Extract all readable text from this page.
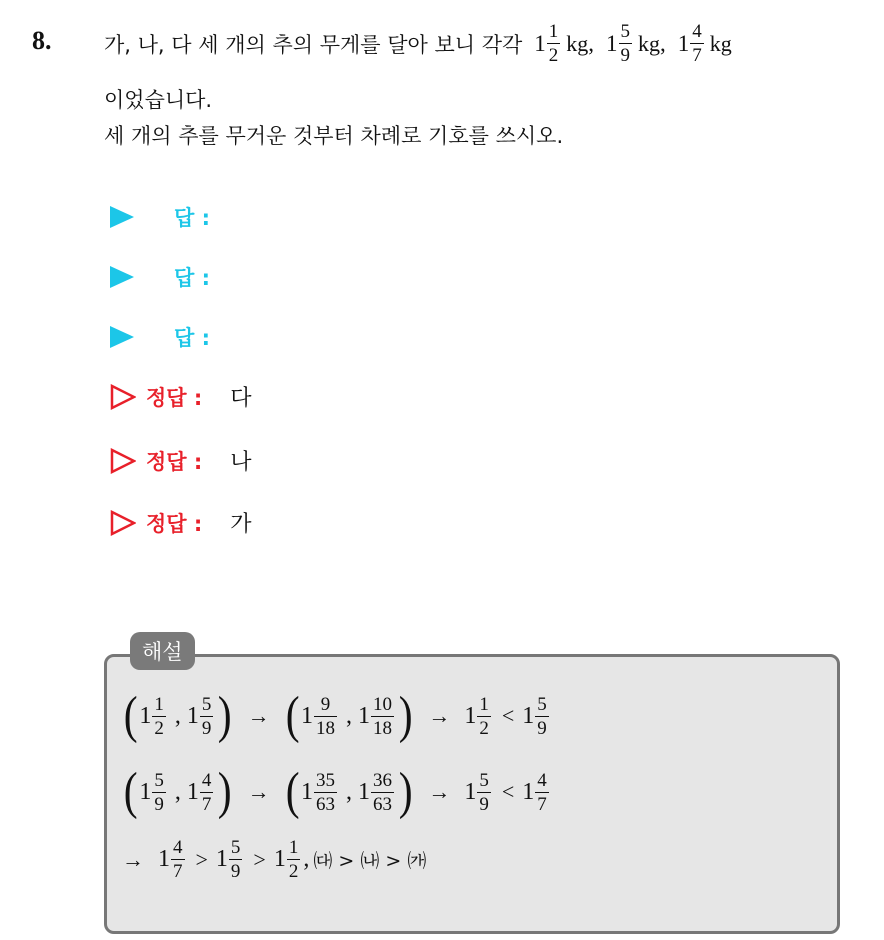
8.	가, 나, 다 세 개의 추의 무게를 달아 보니 각각 $1 \frac{1}{2}$ kg , $1 \frac{5}{9}$ kg , $1 \frac{4}{7}$ kg
이었습니다.
세 개의 추를 무거운 것부터 차례로 기호를 쓰시오.
답 :
답 :
답 :
정답 : 다
정답 : 나
정답 : 가
해설
( $1 \frac{1}{2}$ , $1 \frac{5}{9}$ ) → ( $1 \frac{9}{18}$ , $1 \frac{10}{18}$ ) → $1 \frac{1}{2} < 1 \frac{5}{9}$
( $1 \frac{5}{9}$ , $1 \frac{4}{7}$ ) → ( $1 \frac{35}{63}$ , $1 \frac{36}{63}$ ) → $1 \frac{5}{9} < 1 \frac{4}{7}$
→ $1 \frac{4}{7} > 1 \frac{5}{9} > 1 \frac{1}{2}$ , ㈐ > ㈏ > ㈎
